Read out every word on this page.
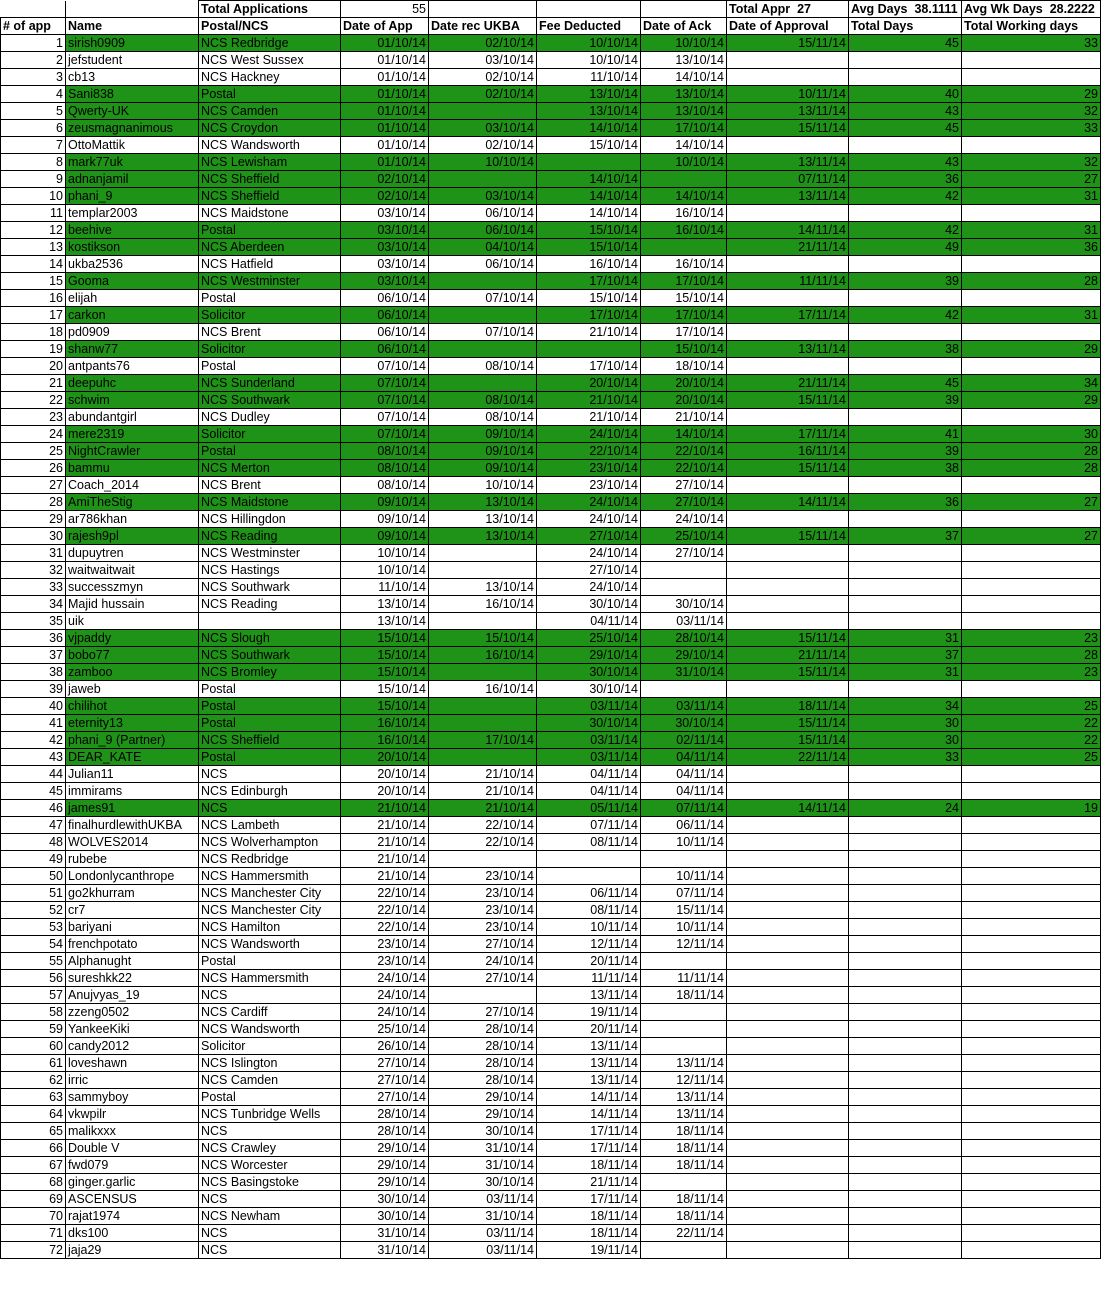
		Total Applications	55				Total Appr 27	Avg Days 38.1111	Avg Wk Days 28.2222
# of app	Name	Postal/NCS	Date of App	Date rec UKBA	Fee Deducted	Date of Ack	Date of Approval	Total Days	Total Working days
1	sirish0909	NCS Redbridge	01/10/14	02/10/14	10/10/14	10/10/14	15/11/14	45	33
2	jefstudent	NCS West Sussex	01/10/14	03/10/14	10/10/14	13/10/14			
3	cb13	NCS Hackney	01/10/14	02/10/14	11/10/14	14/10/14			
4	Sani838	Postal	01/10/14	02/10/14	13/10/14	13/10/14	10/11/14	40	29
5	Qwerty-UK	NCS Camden	01/10/14		13/10/14	13/10/14	13/11/14	43	32
6	zeusmagnanimous	NCS Croydon	01/10/14	03/10/14	14/10/14	17/10/14	15/11/14	45	33
7	OttoMattik	NCS Wandsworth	01/10/14	02/10/14	15/10/14	14/10/14			
8	mark77uk	NCS Lewisham	01/10/14	10/10/14		10/10/14	13/11/14	43	32
9	adnanjamil	NCS Sheffield	02/10/14		14/10/14		07/11/14	36	27
10	phani_9	NCS Sheffield	02/10/14	03/10/14	14/10/14	14/10/14	13/11/14	42	31
11	templar2003	NCS Maidstone	03/10/14	06/10/14	14/10/14	16/10/14			
12	beehive	Postal	03/10/14	06/10/14	15/10/14	16/10/14	14/11/14	42	31
13	kostikson	NCS Aberdeen	03/10/14	04/10/14	15/10/14		21/11/14	49	36
14	ukba2536	NCS Hatfield	03/10/14	06/10/14	16/10/14	16/10/14			
15	Gooma	NCS Westminster	03/10/14		17/10/14	17/10/14	11/11/14	39	28
16	elijah	Postal	06/10/14	07/10/14	15/10/14	15/10/14			
17	carkon	Solicitor	06/10/14		17/10/14	17/10/14	17/11/14	42	31
18	pd0909	NCS Brent	06/10/14	07/10/14	21/10/14	17/10/14			
19	shanw77	Solicitor	06/10/14			15/10/14	13/11/14	38	29
20	antpants76	Postal	07/10/14	08/10/14	17/10/14	18/10/14			
21	deepuhc	NCS Sunderland	07/10/14		20/10/14	20/10/14	21/11/14	45	34
22	schwim	NCS Southwark	07/10/14	08/10/14	21/10/14	20/10/14	15/11/14	39	29
23	abundantgirl	NCS Dudley	07/10/14	08/10/14	21/10/14	21/10/14			
24	mere2319	Solicitor	07/10/14	09/10/14	24/10/14	14/10/14	17/11/14	41	30
25	NightCrawler	Postal	08/10/14	09/10/14	22/10/14	22/10/14	16/11/14	39	28
26	bammu	NCS Merton	08/10/14	09/10/14	23/10/14	22/10/14	15/11/14	38	28
27	Coach_2014	NCS Brent	08/10/14	10/10/14	23/10/14	27/10/14			
28	AmiTheStig	NCS Maidstone	09/10/14	13/10/14	24/10/14	27/10/14	14/11/14	36	27
29	ar786khan	NCS Hillingdon	09/10/14	13/10/14	24/10/14	24/10/14			
30	rajesh9pl	NCS Reading	09/10/14	13/10/14	27/10/14	25/10/14	15/11/14	37	27
31	dupuytren	NCS Westminster	10/10/14		24/10/14	27/10/14			
32	waitwaitwait	NCS Hastings	10/10/14		27/10/14				
33	successzmyn	NCS Southwark	11/10/14	13/10/14	24/10/14				
34	Majid hussain	NCS Reading	13/10/14	16/10/14	30/10/14	30/10/14			
35	uik		13/10/14		04/11/14	03/11/14			
36	vjpaddy	NCS Slough	15/10/14	15/10/14	25/10/14	28/10/14	15/11/14	31	23
37	bobo77	NCS Southwark	15/10/14	16/10/14	29/10/14	29/10/14	21/11/14	37	28
38	zamboo	NCS Bromley	15/10/14		30/10/14	31/10/14	15/11/14	31	23
39	jaweb	Postal	15/10/14	16/10/14	30/10/14				
40	chilihot	Postal	15/10/14		03/11/14	03/11/14	18/11/14	34	25
41	eternity13	Postal	16/10/14		30/10/14	30/10/14	15/11/14	30	22
42	phani_9 (Partner)	NCS Sheffield	16/10/14	17/10/14	03/11/14	02/11/14	15/11/14	30	22
43	DEAR_KATE	Postal	20/10/14		03/11/14	04/11/14	22/11/14	33	25
44	Julian11	NCS	20/10/14	21/10/14	04/11/14	04/11/14			
45	immirams	NCS Edinburgh	20/10/14	21/10/14	04/11/14	04/11/14			
46	james91	NCS	21/10/14	21/10/14	05/11/14	07/11/14	14/11/14	24	19
47	finalhurdlewithUKBA	NCS Lambeth	21/10/14	22/10/14	07/11/14	06/11/14			
48	WOLVES2014	NCS Wolverhampton	21/10/14	22/10/14	08/11/14	10/11/14			
49	rubebe	NCS Redbridge	21/10/14						
50	Londonlycanthrope	NCS Hammersmith	21/10/14	23/10/14		10/11/14			
51	go2khurram	NCS Manchester City	22/10/14	23/10/14	06/11/14	07/11/14			
52	cr7	NCS Manchester City	22/10/14	23/10/14	08/11/14	15/11/14			
53	bariyani	NCS Hamilton	22/10/14	23/10/14	10/11/14	10/11/14			
54	frenchpotato	NCS Wandsworth	23/10/14	27/10/14	12/11/14	12/11/14			
55	Alphanught	Postal	23/10/14	24/10/14	20/11/14				
56	sureshkk22	NCS Hammersmith	24/10/14	27/10/14	11/11/14	11/11/14			
57	Anujvyas_19	NCS	24/10/14		13/11/14	18/11/14			
58	zzeng0502	NCS Cardiff	24/10/14	27/10/14	19/11/14				
59	YankeeKiki	NCS Wandsworth	25/10/14	28/10/14	20/11/14				
60	candy2012	Solicitor	26/10/14	28/10/14	13/11/14				
61	loveshawn	NCS Islington	27/10/14	28/10/14	13/11/14	13/11/14			
62	irric	NCS Camden	27/10/14	28/10/14	13/11/14	12/11/14			
63	sammyboy	Postal	27/10/14	29/10/14	14/11/14	13/11/14			
64	vkwpilr	NCS Tunbridge Wells	28/10/14	29/10/14	14/11/14	13/11/14			
65	malikxxx	NCS	28/10/14	30/10/14	17/11/14	18/11/14			
66	Double V	NCS Crawley	29/10/14	31/10/14	17/11/14	18/11/14			
67	fwd079	NCS Worcester	29/10/14	31/10/14	18/11/14	18/11/14			
68	ginger.garlic	NCS Basingstoke	29/10/14	30/10/14	21/11/14				
69	ASCENSUS	NCS	30/10/14	03/11/14	17/11/14	18/11/14			
70	rajat1974	NCS Newham	30/10/14	31/10/14	18/11/14	18/11/14			
71	dks100	NCS	31/10/14	03/11/14	18/11/14	22/11/14			
72	jaja29	NCS	31/10/14	03/11/14	19/11/14				
